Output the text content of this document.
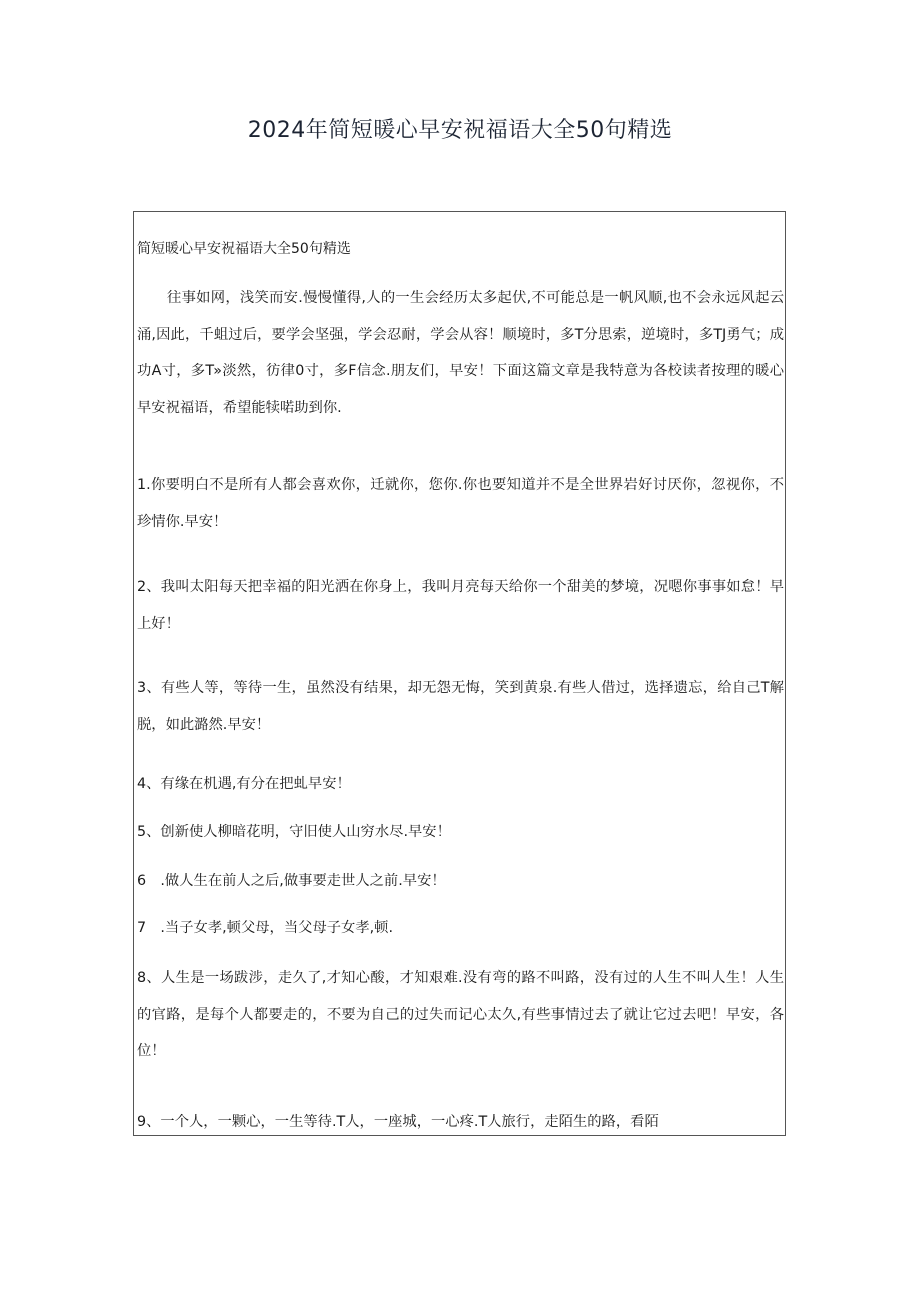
2024年简短暖心早安祝福语大全50句精选
简短暖心早安祝福语大全50句精选

往事如网，浅笑而安.慢慢懂得,人的一生会经历太多起伏,不可能总是一帆风顺,也不会永远风起云涌,因此，千蛆过后，要学会坚强，学会忍耐，学会从容！顺境时，多T分思索，逆境时，多TJ勇气；成功A寸，多T»淡然，彷律0寸，多F信念.朋友们，早安！下面这篇文章是我特意为各校读者按理的暖心早安祝福语，希望能犊喏助到你.

1.你要明白不是所有人都会喜欢你，迁就你，您你.你也要知道并不是全世界岩好讨厌你，忽视你，不珍情你.早安！

2、我叫太阳每天把幸福的阳光洒在你身上，我叫月亮每天给你一个甜美的梦境，况嗯你事事如怠！早上好！

3、有些人等，等待一生，虽然没有结果，却无怨无悔，笑到黄泉.有些人借过，选择遗忘，给自己T解脱，如此潞然.早安！

4、有缘在机遇,有分在把虬早安！

5、创新使人柳暗花明，守旧使人山穷水尽.早安！

6　.做人生在前人之后,做事要走世人之前.早安！

7　.当子女孝,顿父母，当父母子女孝,顿.

8、人生是一场跋涉，走久了,才知心酸，才知艰难.没有弯的路不叫路，没有过的人生不叫人生！人生的官路，是每个人都要走的，不要为自己的过失而记心太久,有些事情过去了就让它过去吧！早安，各位！

9、一个人，一颗心，一生等待.T人，一座城，一心疼.T人旅行，走陌生的路，看陌
